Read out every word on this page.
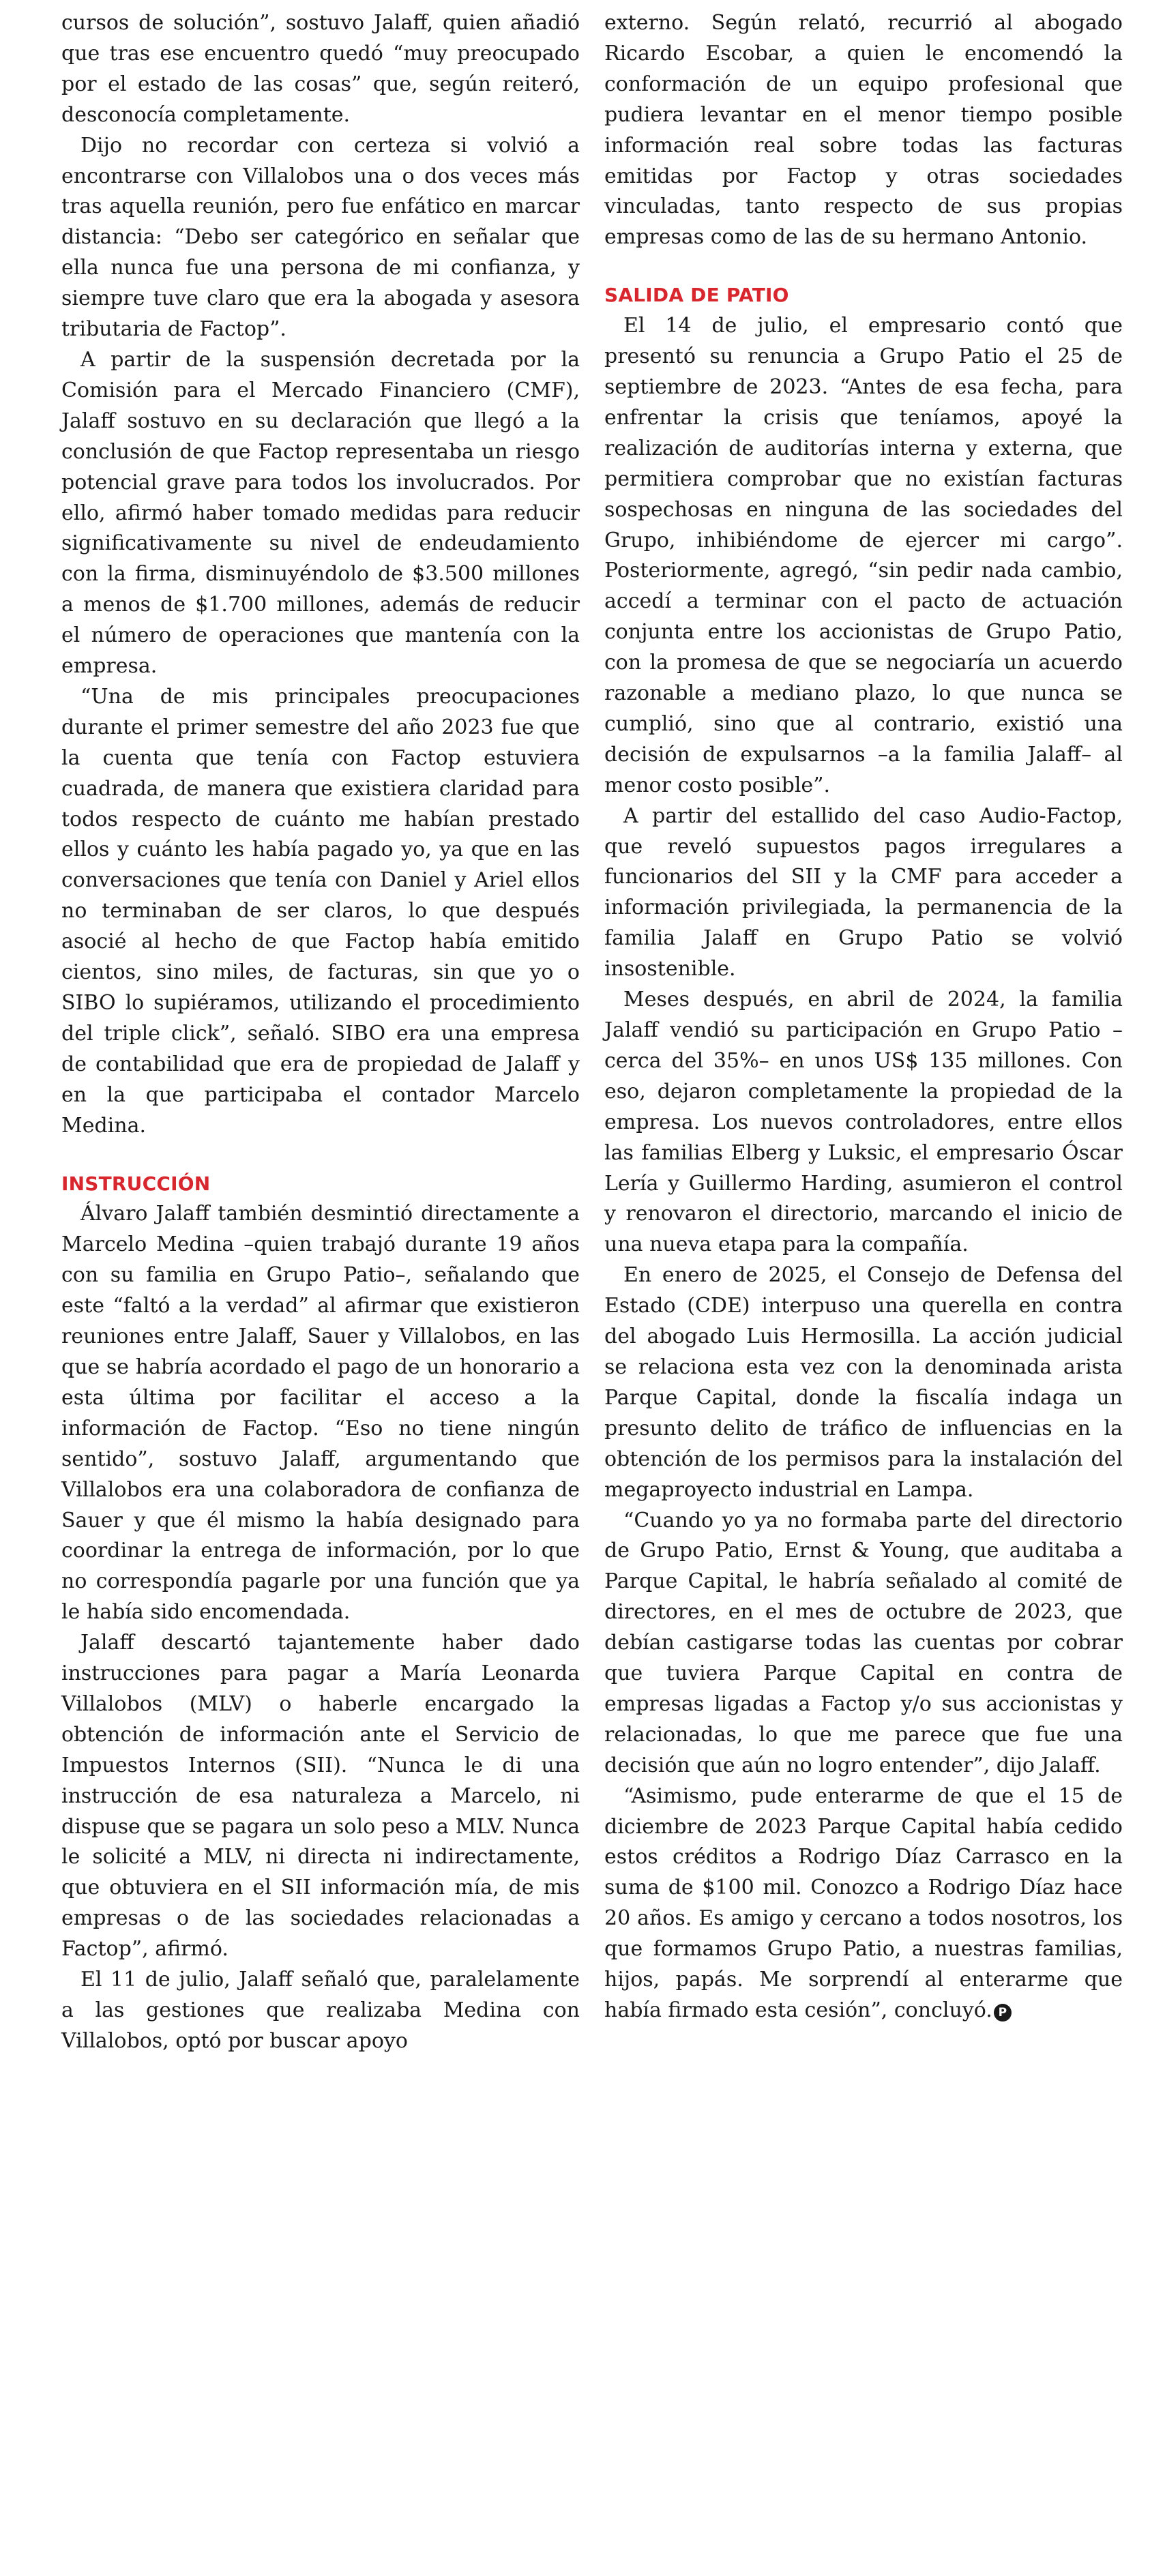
cursos de solución”, sostuvo Jalaff, quien añadió que tras ese encuentro quedó “muy preocupado por el estado de las cosas” que, según reiteró, desconocía completamente.

Dijo no recordar con certeza si volvió a encontrarse con Villalobos una o dos veces más tras aquella reunión, pero fue enfático en marcar distancia: “Debo ser categórico en señalar que ella nunca fue una persona de mi confianza, y siempre tuve claro que era la abogada y asesora tributaria de Factop”.

A partir de la suspensión decretada por la Comisión para el Mercado Financiero (CMF), Jalaff sostuvo en su declaración que llegó a la conclusión de que Factop representaba un riesgo potencial grave para todos los involucrados. Por ello, afirmó haber tomado medidas para reducir significativamente su nivel de endeudamiento con la firma, disminuyéndolo de $3.500 millones a menos de $1.700 millones, además de reducir el número de operaciones que mantenía con la empresa.

“Una de mis principales preocupaciones durante el primer semestre del año 2023 fue que la cuenta que tenía con Factop estuviera cuadrada, de manera que existiera claridad para todos respecto de cuánto me habían prestado ellos y cuánto les había pagado yo, ya que en las conversaciones que tenía con Daniel y Ariel ellos no terminaban de ser claros, lo que después asocié al hecho de que Factop había emitido cientos, sino miles, de facturas, sin que yo o SIBO lo supiéramos, utilizando el procedimiento del triple click”, señaló. SIBO era una empresa de contabilidad que era de propiedad de Jalaff y en la que participaba el contador Marcelo Medina.

INSTRUCCIÓN

Álvaro Jalaff también desmintió directamente a Marcelo Medina –quien trabajó durante 19 años con su familia en Grupo Patio–, señalando que este “faltó a la verdad” al afirmar que existieron reuniones entre Jalaff, Sauer y Villalobos, en las que se habría acordado el pago de un honorario a esta última por facilitar el acceso a la información de Factop. “Eso no tiene ningún sentido”, sostuvo Jalaff, argumentando que Villalobos era una colaboradora de confianza de Sauer y que él mismo la había designado para coordinar la entrega de información, por lo que no correspondía pagarle por una función que ya le había sido encomendada.

Jalaff descartó tajantemente haber dado instrucciones para pagar a María Leonarda Villalobos (MLV) o haberle encargado la obtención de información ante el Servicio de Impuestos Internos (SII). “Nunca le di una instrucción de esa naturaleza a Marcelo, ni dispuse que se pagara un solo peso a MLV. Nunca le solicité a MLV, ni directa ni indirectamente, que obtuviera en el SII información mía, de mis empresas o de las sociedades relacionadas a Factop”, afirmó.

El 11 de julio, Jalaff señaló que, paralelamente a las gestiones que realizaba Medina con Villalobos, optó por buscar apoyo

externo. Según relató, recurrió al abogado Ricardo Escobar, a quien le encomendó la conformación de un equipo profesional que pudiera levantar en el menor tiempo posible información real sobre todas las facturas emitidas por Factop y otras sociedades vinculadas, tanto respecto de sus propias empresas como de las de su hermano Antonio.

SALIDA DE PATIO

El 14 de julio, el empresario contó que presentó su renuncia a Grupo Patio el 25 de septiembre de 2023. “Antes de esa fecha, para enfrentar la crisis que teníamos, apoyé la realización de auditorías interna y externa, que permitiera comprobar que no existían facturas sospechosas en ninguna de las sociedades del Grupo, inhibiéndome de ejercer mi cargo”. Posteriormente, agregó, “sin pedir nada cambio, accedí a terminar con el pacto de actuación conjunta entre los accionistas de Grupo Patio, con la promesa de que se negociaría un acuerdo razonable a mediano plazo, lo que nunca se cumplió, sino que al contrario, existió una decisión de expulsarnos –a la familia Jalaff– al menor costo posible”.

A partir del estallido del caso Audio-Factop, que reveló supuestos pagos irregulares a funcionarios del SII y la CMF para acceder a información privilegiada, la permanencia de la familia Jalaff en Grupo Patio se volvió insostenible.

Meses después, en abril de 2024, la familia Jalaff vendió su participación en Grupo Patio –cerca del 35%– en unos US$ 135 millones. Con eso, dejaron completamente la propiedad de la empresa. Los nuevos controladores, entre ellos las familias Elberg y Luksic, el empresario Óscar Lería y Guillermo Harding, asumieron el control y renovaron el directorio, marcando el inicio de una nueva etapa para la compañía.

En enero de 2025, el Consejo de Defensa del Estado (CDE) interpuso una querella en contra del abogado Luis Hermosilla. La acción judicial se relaciona esta vez con la denominada arista Parque Capital, donde la fiscalía indaga un presunto delito de tráfico de influencias en la obtención de los permisos para la instalación del megaproyecto industrial en Lampa.

“Cuando yo ya no formaba parte del directorio de Grupo Patio, Ernst & Young, que auditaba a Parque Capital, le habría señalado al comité de directores, en el mes de octubre de 2023, que debían castigarse todas las cuentas por cobrar que tuviera Parque Capital en contra de empresas ligadas a Factop y/o sus accionistas y relacionadas, lo que me parece que fue una decisión que aún no logro entender”, dijo Jalaff.

“Asimismo, pude enterarme de que el 15 de diciembre de 2023 Parque Capital había cedido estos créditos a Rodrigo Díaz Carrasco en la suma de $100 mil. Conozco a Rodrigo Díaz hace 20 años. Es amigo y cercano a todos nosotros, los que formamos Grupo Patio, a nuestras familias, hijos, papás. Me sorprendí al enterarme que había firmado esta cesión”, concluyó. P
